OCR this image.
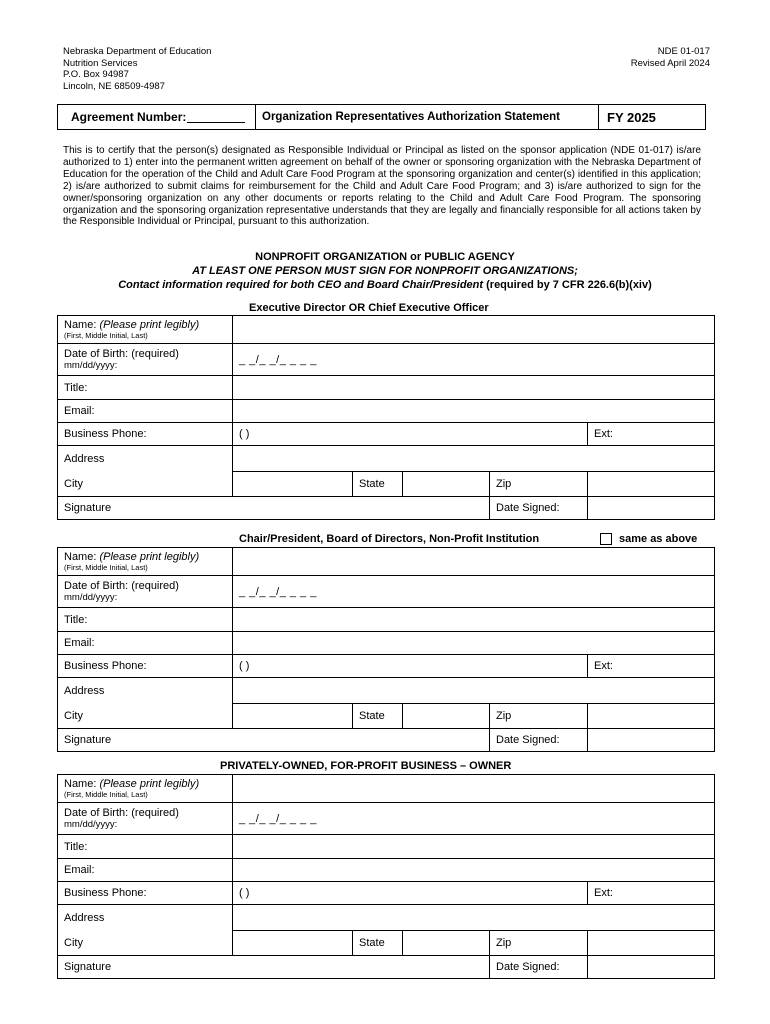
Nebraska Department of Education
Nutrition Services
P.O. Box 94987
Lincoln, NE 68509-4987
NDE 01-017
Revised April 2024
Agreement Number:	Organization Representatives Authorization Statement	FY 2025
This is to certify that the person(s) designated as Responsible Individual or Principal as listed on the sponsor application (NDE 01-017) is/are authorized to 1) enter into the permanent written agreement on behalf of the owner or sponsoring organization with the Nebraska Department of Education for the operation of the Child and Adult Care Food Program at the sponsoring organization and center(s) identified in this application; 2) is/are authorized to submit claims for reimbursement for the Child and Adult Care Food Program; and 3) is/are authorized to sign for the owner/sponsoring organization on any other documents or reports relating to the Child and Adult Care Food Program. The sponsoring organization and the sponsoring organization representative understands that they are legally and financially responsible for all actions taken by the Responsible Individual or Principal, pursuant to this authorization.
NONPROFIT ORGANIZATION or PUBLIC AGENCY
AT LEAST ONE PERSON MUST SIGN FOR NONPROFIT ORGANIZATIONS;
Contact information required for both CEO and Board Chair/President (required by 7 CFR 226.6(b)(xiv)
Executive Director OR Chief Executive Officer
Name: (Please print legibly)
(First, Middle Initial, Last)					

Date of Birth: (required)
mm/dd/yyyy:	_ _/_ _/_ _ _ _				
Title:					
Email:					
Business Phone:	( )				Ext:
Address					
City		State		Zip	
Signature				Date Signed:	
Chair/President, Board of Directors, Non-Profit Institution	same as above
Name: (Please print legibly)
(First, Middle Initial, Last)					

Date of Birth: (required)
mm/dd/yyyy:	_ _/_ _/_ _ _ _				
Title:					
Email:					
Business Phone:	( )				Ext:
Address					
City		State		Zip	
Signature				Date Signed:	
PRIVATELY-OWNED, FOR-PROFIT BUSINESS – OWNER
Name: (Please print legibly)
(First, Middle Initial, Last)					

Date of Birth: (required)
mm/dd/yyyy:	_ _/_ _/_ _ _ _				
Title:					
Email:					
Business Phone:	( )				Ext:
Address					
City		State		Zip	
Signature				Date Signed:	
